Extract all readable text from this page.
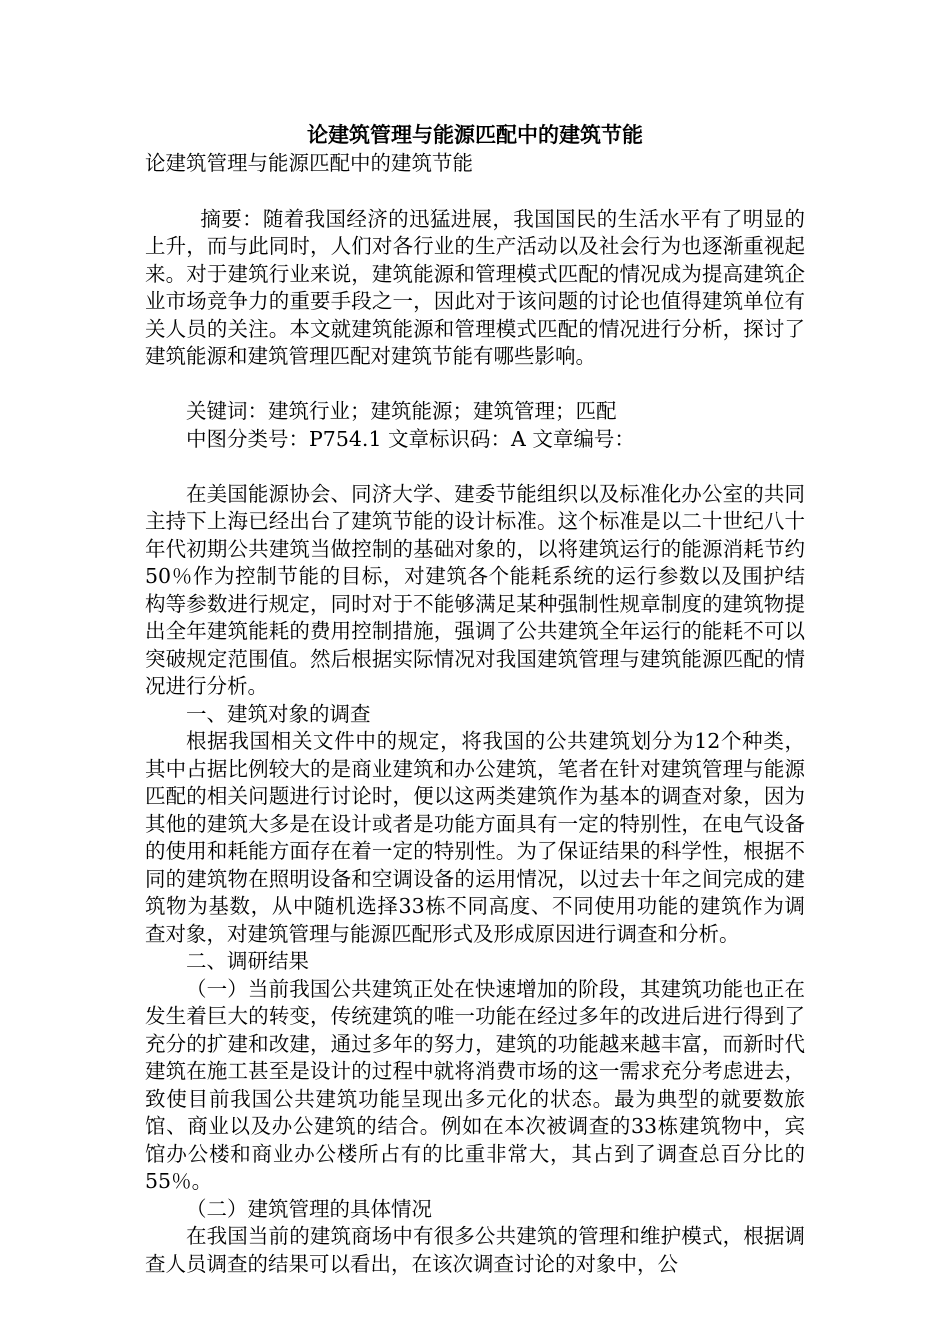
论建筑管理与能源匹配中的建筑节能

论建筑管理与能源匹配中的建筑节能

摘要：随着我国经济的迅猛进展，我国国民的生活水平有了明显的上升，而与此同时，人们对各行业的生产活动以及社会行为也逐渐重视起来。对于建筑行业来说，建筑能源和管理模式匹配的情况成为提高建筑企业市场竞争力的重要手段之一，因此对于该问题的讨论也值得建筑单位有关人员的关注。本文就建筑能源和管理模式匹配的情况进行分析，探讨了建筑能源和建筑管理匹配对建筑节能有哪些影响。

关键词：建筑行业；建筑能源；建筑管理；匹配

中图分类号：P754.1 文章标识码：A 文章编号：

在美国能源协会、同济大学、建委节能组织以及标准化办公室的共同主持下上海已经出台了建筑节能的设计标准。这个标准是以二十世纪八十年代初期公共建筑当做控制的基础对象的，以将建筑运行的能源消耗节约50％作为控制节能的目标，对建筑各个能耗系统的运行参数以及围护结构等参数进行规定，同时对于不能够满足某种强制性规章制度的建筑物提出全年建筑能耗的费用控制措施，强调了公共建筑全年运行的能耗不可以突破规定范围值。然后根据实际情况对我国建筑管理与建筑能源匹配的情况进行分析。

一、建筑对象的调查

根据我国相关文件中的规定，将我国的公共建筑划分为12个种类，其中占据比例较大的是商业建筑和办公建筑，笔者在针对建筑管理与能源匹配的相关问题进行讨论时，便以这两类建筑作为基本的调查对象，因为其他的建筑大多是在设计或者是功能方面具有一定的特别性，在电气设备的使用和耗能方面存在着一定的特别性。为了保证结果的科学性，根据不同的建筑物在照明设备和空调设备的运用情况，以过去十年之间完成的建筑物为基数，从中随机选择33栋不同高度、不同使用功能的建筑作为调查对象，对建筑管理与能源匹配形式及形成原因进行调查和分析。

二、调研结果

（一）当前我国公共建筑正处在快速增加的阶段，其建筑功能也正在发生着巨大的转变，传统建筑的唯一功能在经过多年的改进后进行得到了充分的扩建和改建，通过多年的努力，建筑的功能越来越丰富，而新时代建筑在施工甚至是设计的过程中就将消费市场的这一需求充分考虑进去，致使目前我国公共建筑功能呈现出多元化的状态。最为典型的就要数旅馆、商业以及办公建筑的结合。例如在本次被调查的33栋建筑物中，宾馆办公楼和商业办公楼所占有的比重非常大，其占到了调查总百分比的55％。

（二）建筑管理的具体情况

在我国当前的建筑商场中有很多公共建筑的管理和维护模式，根据调查人员调查的结果可以看出，在该次调查讨论的对象中，公
